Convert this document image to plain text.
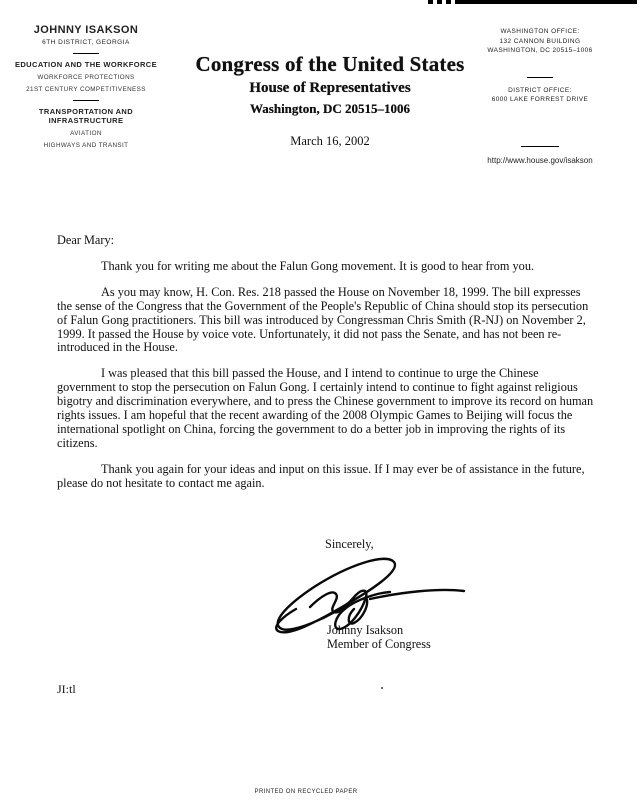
JOHNNY ISAKSON
6TH DISTRICT, GEORGIA
EDUCATION AND THE WORKFORCE
WORKFORCE PROTECTIONS
21ST CENTURY COMPETITIVENESS
TRANSPORTATION AND INFRASTRUCTURE
AVIATION
HIGHWAYS AND TRANSIT
Congress of the United States
House of Representatives
Washington, DC 20515–1006
March 16, 2002
WASHINGTON OFFICE:
132 CANNON BUILDING
WASHINGTON, DC 20515–1006
DISTRICT OFFICE:
6000 LAKE FORREST DRIVE
http://www.house.gov/isakson

Dear Mary:

Thank you for writing me about the Falun Gong movement. It is good to hear from you.

As you may know, H. Con. Res. 218 passed the House on November 18, 1999. The bill expresses the sense of the Congress that the Government of the People's Republic of China should stop its persecution of Falun Gong practitioners. This bill was introduced by Congressman Chris Smith (R-NJ) on November 2, 1999. It passed the House by voice vote. Unfortunately, it did not pass the Senate, and has not been re-introduced in the House.

I was pleased that this bill passed the House, and I intend to continue to urge the Chinese government to stop the persecution on Falun Gong. I certainly intend to continue to fight against religious bigotry and discrimination everywhere, and to press the Chinese government to improve its record on human rights issues. I am hopeful that the recent awarding of the 2008 Olympic Games to Beijing will focus the international spotlight on China, forcing the government to do a better job in improving the rights of its citizens.

Thank you again for your ideas and input on this issue. If I may ever be of assistance in the future, please do not hesitate to contact me again.

Sincerely,
Johnny Isakson
Member of Congress
JI:tl
PRINTED ON RECYCLED PAPER
